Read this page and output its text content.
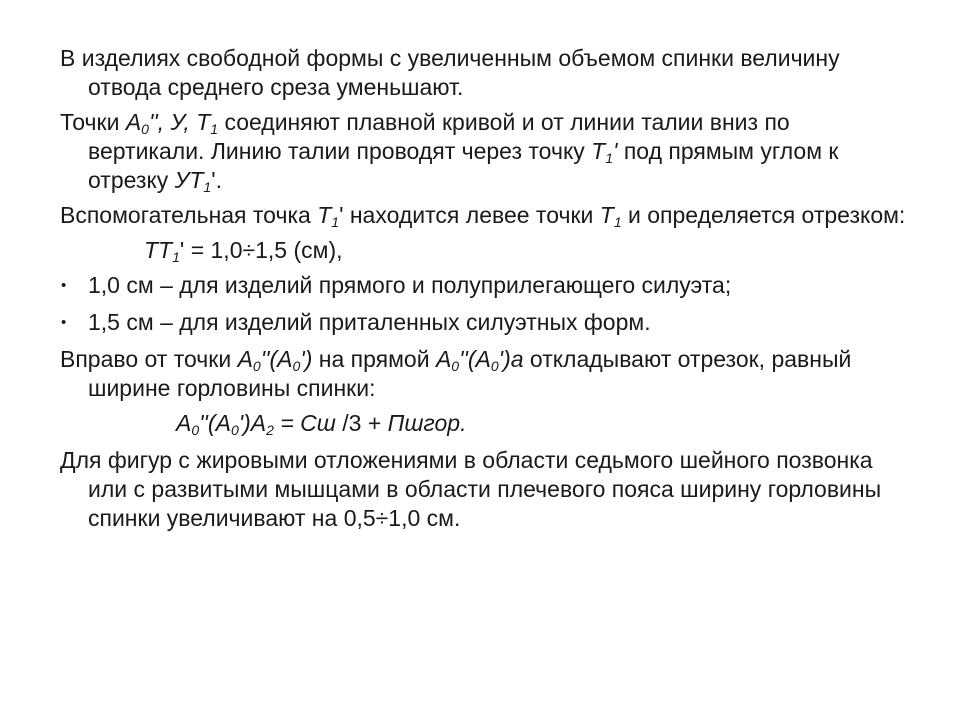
В изделиях свободной формы с увеличенным объемом спинки величину отвода среднего среза уменьшают.

Точки $А_0''$, У, $Т_1$ соединяют плавной кривой и от линии талии вниз по вертикали. Линию талии проводят через точку $Т_1'$ под прямым углом к отрезку $УТ_1'$.

Вспомогательная точка $Т_1'$ находится левее точки $Т_1$ и определяется отрезком:

$ТТ_1' = 1,0\div 1,5$ (см),

• 1,0 см – для изделий прямого и полуприлегающего силуэта;
• 1,5 см – для изделий приталенных силуэтных форм.

Вправо от точки $А_0''(А_0')$ на прямой $А_0''(А_0')а$ откладывают отрезок, равный ширине горловины спинки:

$А_0''(А_0')А_2$ = Сш /3 + Пшгор.

Для фигур с жировыми отложениями в области седьмого шейного позвонка или с развитыми мышцами в области плечевого пояса ширину горловины спинки увеличивают на 0,5÷1,0 см.
